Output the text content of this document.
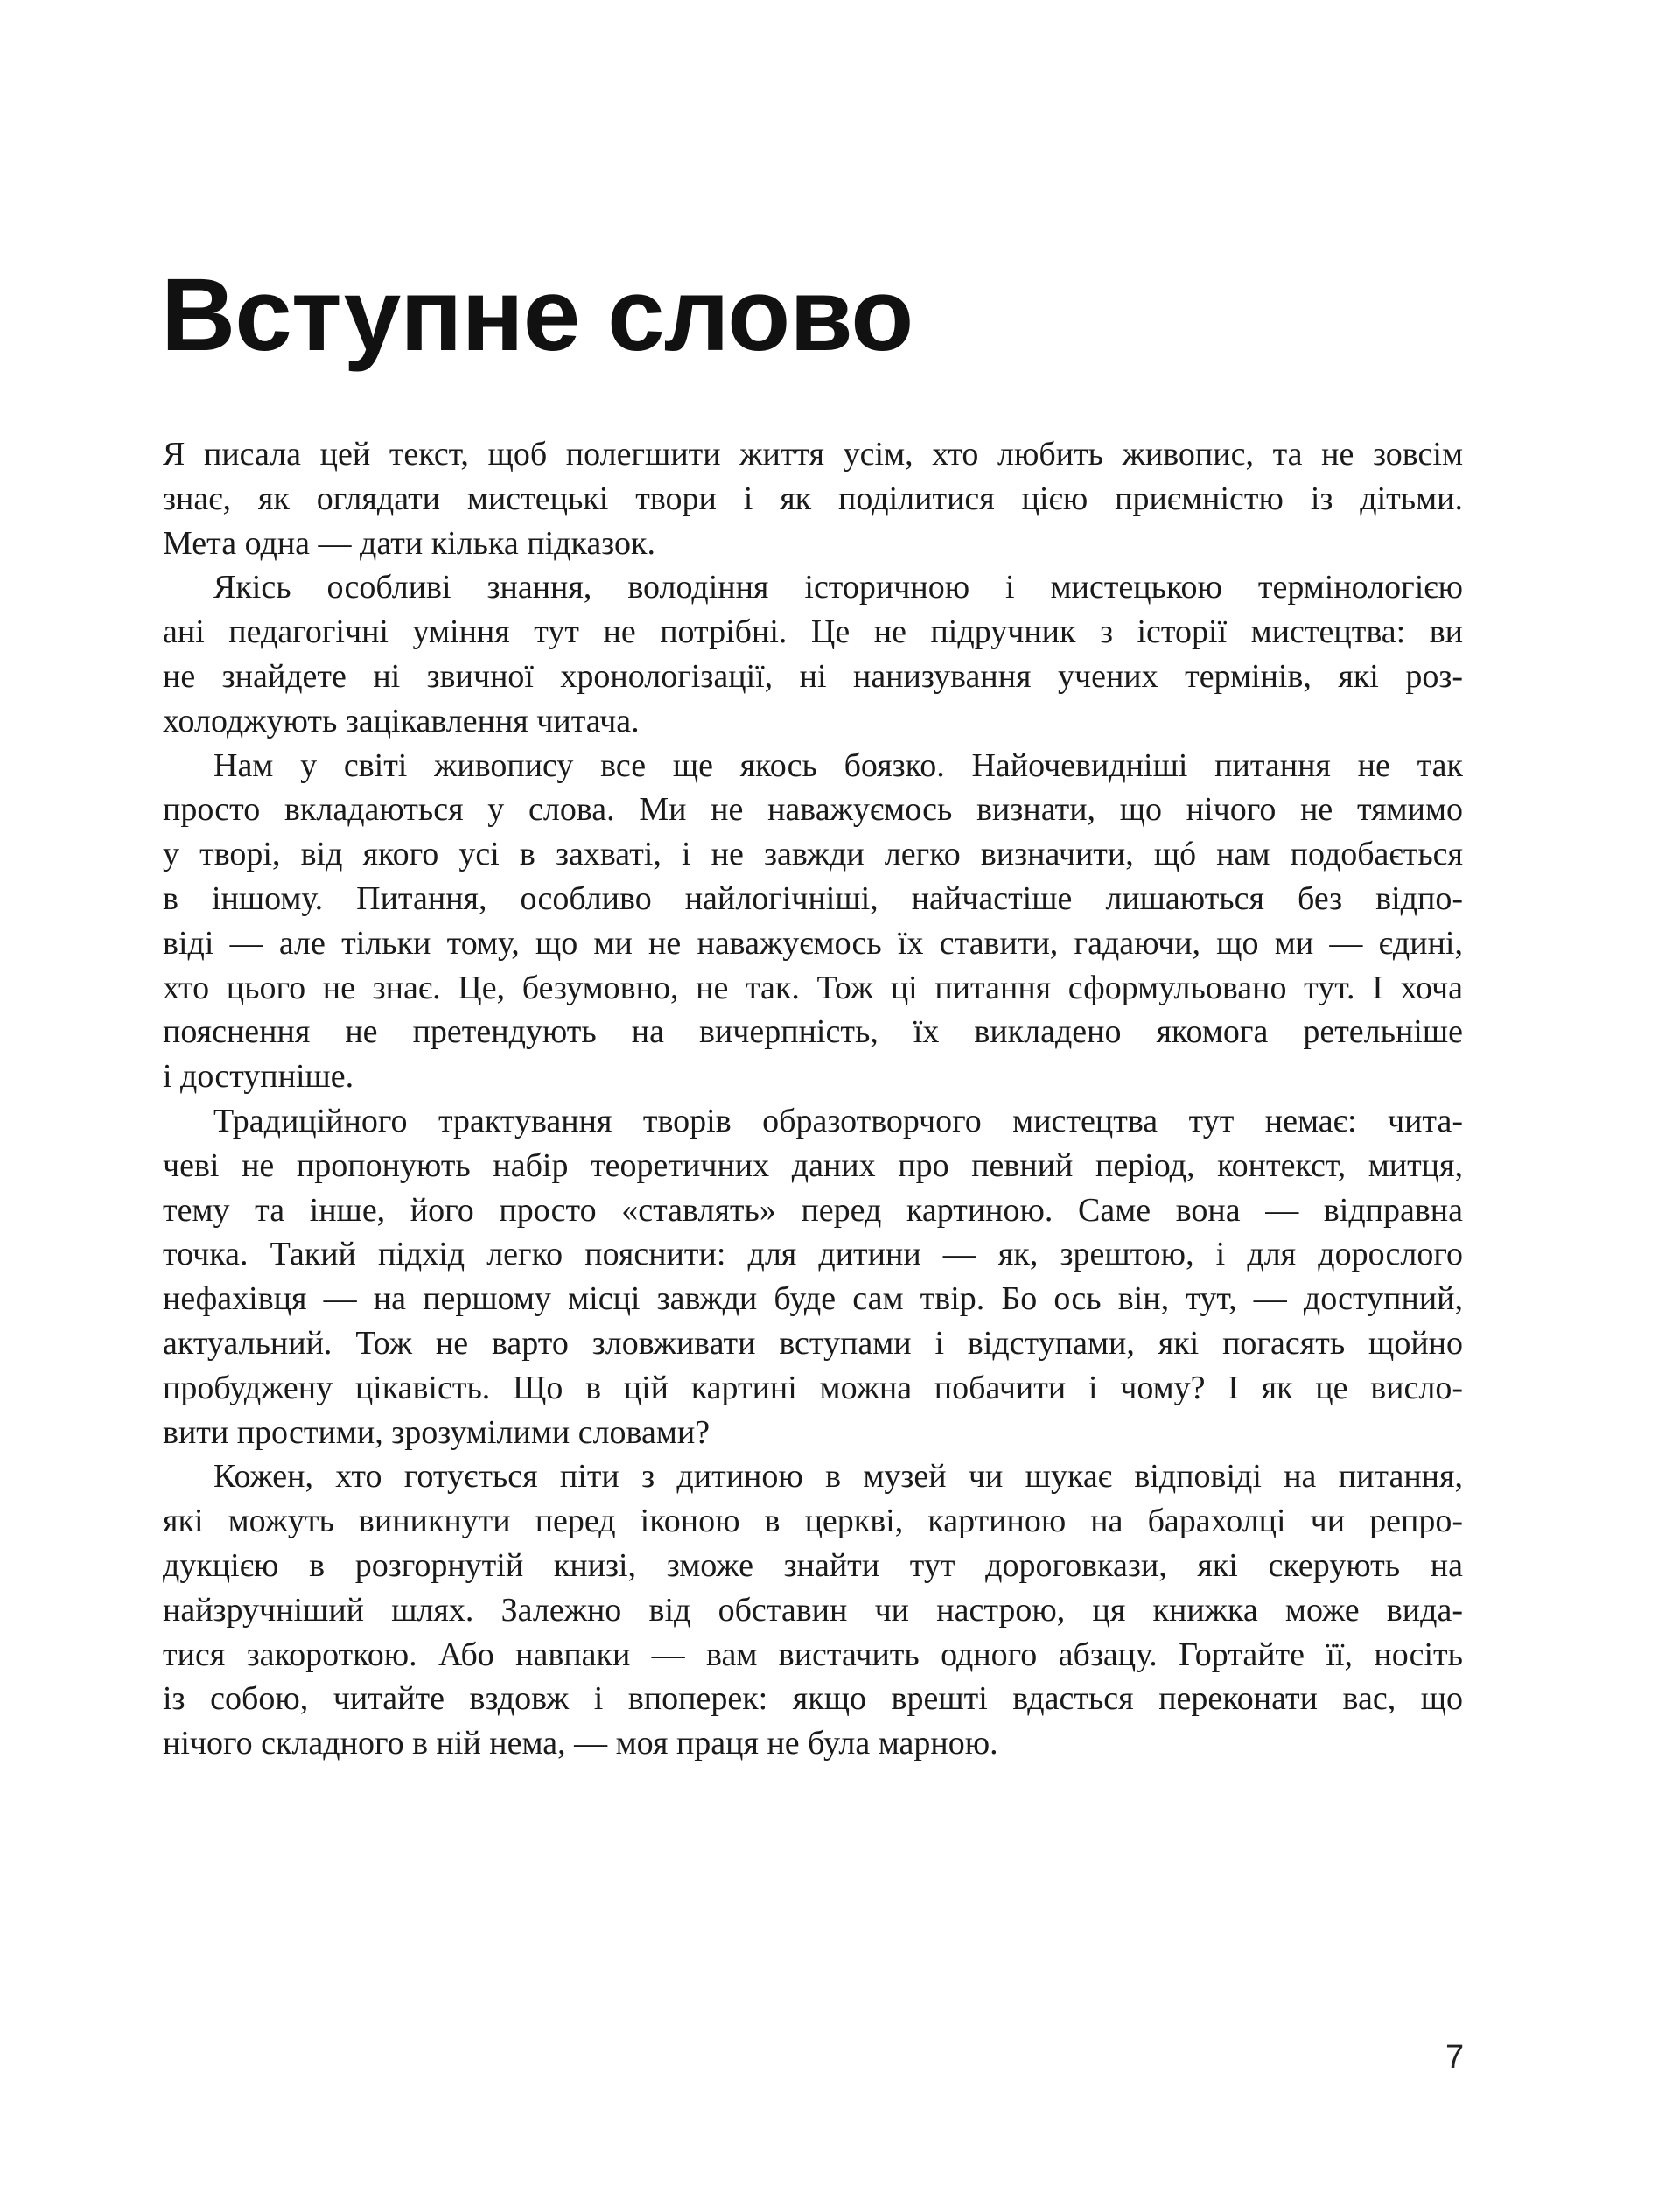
Вступне слово
Я писала цей текст, щоб полегшити життя усім, хто любить живопис, та не зовсім
знає, як оглядати мистецькі твори і як поділитися цією приємністю із дітьми.
Мета одна — дати кілька підказок.
Якісь особливі знання, володіння історичною і мистецькою термінологією
ані педагогічні уміння тут не потрібні. Це не підручник з історії мистецтва: ви
не знайдете ні звичної хронологізації, ні нанизування учених термінів, які роз-
холоджують зацікавлення читача.
Нам у світі живопису все ще якось боязко. Найочевидніші питання не так
просто вкладаються у слова. Ми не наважуємось визнати, що нічого не тямимо
у творі, від якого усі в захваті, і не завжди легко визначити, щó нам подобається
в іншому. Питання, особливо найлогічніші, найчастіше лишаються без відпо-
віді — але тільки тому, що ми не наважуємось їх ставити, гадаючи, що ми — єдині,
хто цього не знає. Це, безумовно, не так. Тож ці питання сформульовано тут. І хоча
пояснення не претендують на вичерпність, їх викладено якомога ретельніше
і доступніше.
Традиційного трактування творів образотворчого мистецтва тут немає: чита-
чеві не пропонують набір теоретичних даних про певний період, контекст, митця,
тему та інше, його просто «ставлять» перед картиною. Саме вона — відправна
точка. Такий підхід легко пояснити: для дитини — як, зрештою, і для дорослого
нефахівця — на першому місці завжди буде сам твір. Бо ось він, тут, — доступний,
актуальний. Тож не варто зловживати вступами і відступами, які погасять щойно
пробуджену цікавість. Що в цій картині можна побачити і чому? І як це висло-
вити простими, зрозумілими словами?
Кожен, хто готується піти з дитиною в музей чи шукає відповіді на питання,
які можуть виникнути перед іконою в церкві, картиною на барахолці чи репро-
дукцією в розгорнутій книзі, зможе знайти тут дороговкази, які скерують на
найзручніший шлях. Залежно від обставин чи настрою, ця книжка може вида-
тися закороткою. Або навпаки — вам вистачить одного абзацу. Гортайте її, носіть
із собою, читайте вздовж і впоперек: якщо врешті вдасться переконати вас, що
нічого складного в ній нема, — моя праця не була марною.
7
